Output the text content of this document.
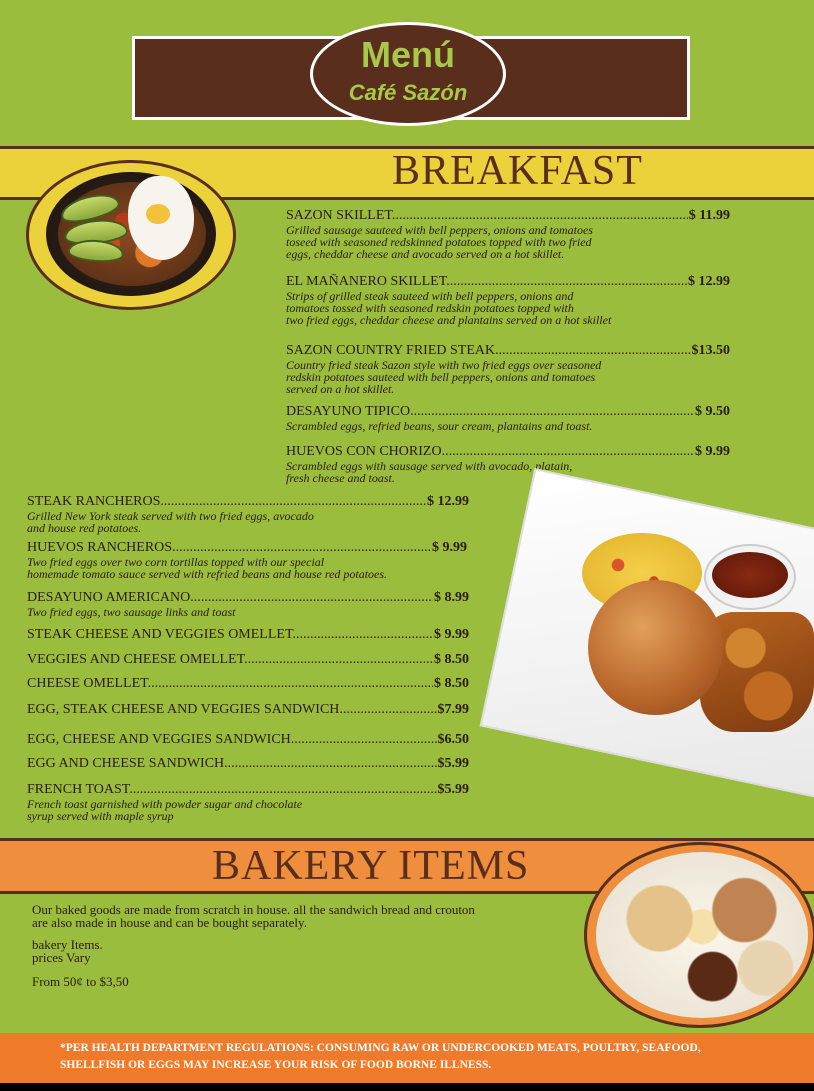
Menú
Café Sazón
BREAKFAST
SAZON SKILLET .....	$ 11.99
Grilled sausage sauteed with bell peppers, onions and tomatoes
toseed with seasoned redskinned potatoes topped with two fried
eggs, cheddar cheese and avocado served on a hot skillet.
EL MAÑANERO SKILLET .....	$ 12.99
Strips of grilled steak sauteed with bell peppers, onions and
tomatoes tossed with seasoned redskin potatoes topped with
two fried eggs, cheddar cheese and plantains served on a hot skillet
SAZON COUNTRY FRIED STEAK .....	$13.50
Country fried steak Sazon style with two fried eggs over seasoned
redskin potatoes sauteed with bell peppers, onions and tomatoes
served on a hot skillet.
DESAYUNO TIPICO .....	$ 9.50
Scrambled eggs, refried beans, sour cream, plantains and toast.
HUEVOS CON CHORIZO .....	$ 9.99
Scrambled eggs with sausage served with avocado, platain,
fresh cheese and toast.
STEAK RANCHEROS .....	$ 12.99
Grilled New York steak served with two fried eggs, avocado
and house red potatoes.
HUEVOS RANCHEROS .....	$ 9.99
Two fried eggs over two corn tortillas topped with our special
homemade tomato sauce served with refried beans and house red potatoes.
DESAYUNO AMERICANO .....	$ 8.99
Two fried eggs, two sausage links and toast
STEAK CHEESE AND VEGGIES OMELLET .....	$ 9.99
VEGGIES AND CHEESE OMELLET .....	$ 8.50
CHEESE OMELLET .....	$ 8.50
EGG, STEAK CHEESE AND VEGGIES SANDWICH .....	$7.99
EGG, CHEESE AND VEGGIES SANDWICH .....	$6.50
EGG AND CHEESE SANDWICH .....	$5.99
FRENCH TOAST .....	$5.99
French toast garnished with powder sugar and chocolate
syrup served with maple syrup
BAKERY ITEMS
Our baked goods are made from scratch in house. all the sandwich bread and crouton
are also made in house and can be bought separately.
bakery Items.
prices Vary
From 50¢ to $3,50
*PER HEALTH DEPARTMENT REGULATIONS: CONSUMING RAW OR UNDERCOOKED MEATS, POULTRY, SEAFOOD,
SHELLFISH OR EGGS MAY INCREASE YOUR RISK OF FOOD BORNE ILLNESS.
